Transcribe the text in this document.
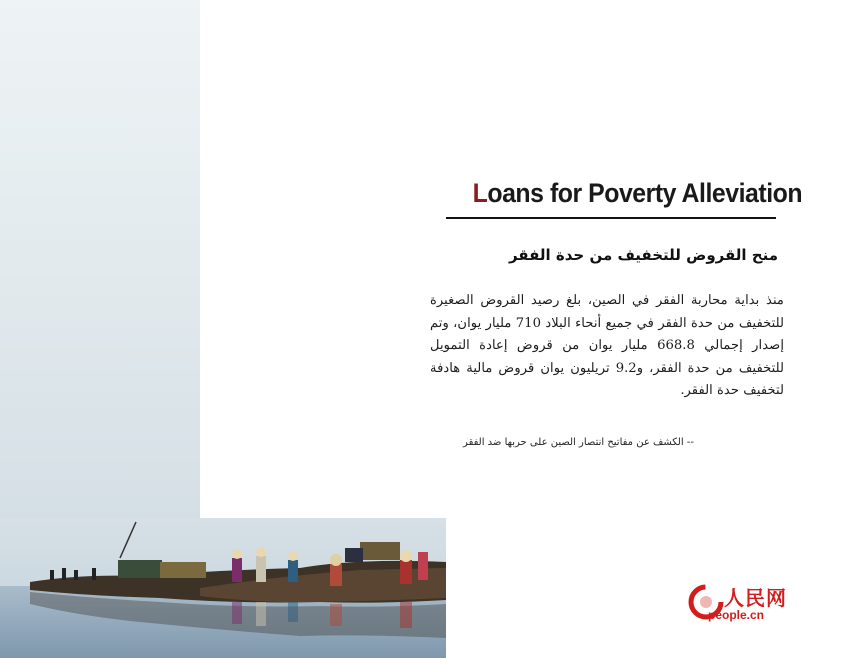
Loans for Poverty Alleviation
منح القروض للتخفيف من حدة الفقر
منذ بداية محاربة الفقر في الصين، بلغ رصيد القروض الصغيرة للتخفيف من حدة الفقر في جميع أنحاء البلاد 710 مليار يوان، وتم إصدار إجمالي 668.8 مليار يوان من قروض إعادة التمويل للتخفيف من حدة الفقر، و9.2 تريليون يوان قروض مالية هادفة لتخفيف حدة الفقر.
-- الكشف عن مفاتيح انتصار الصين على حربها ضد الفقر
人民网
people.cn
